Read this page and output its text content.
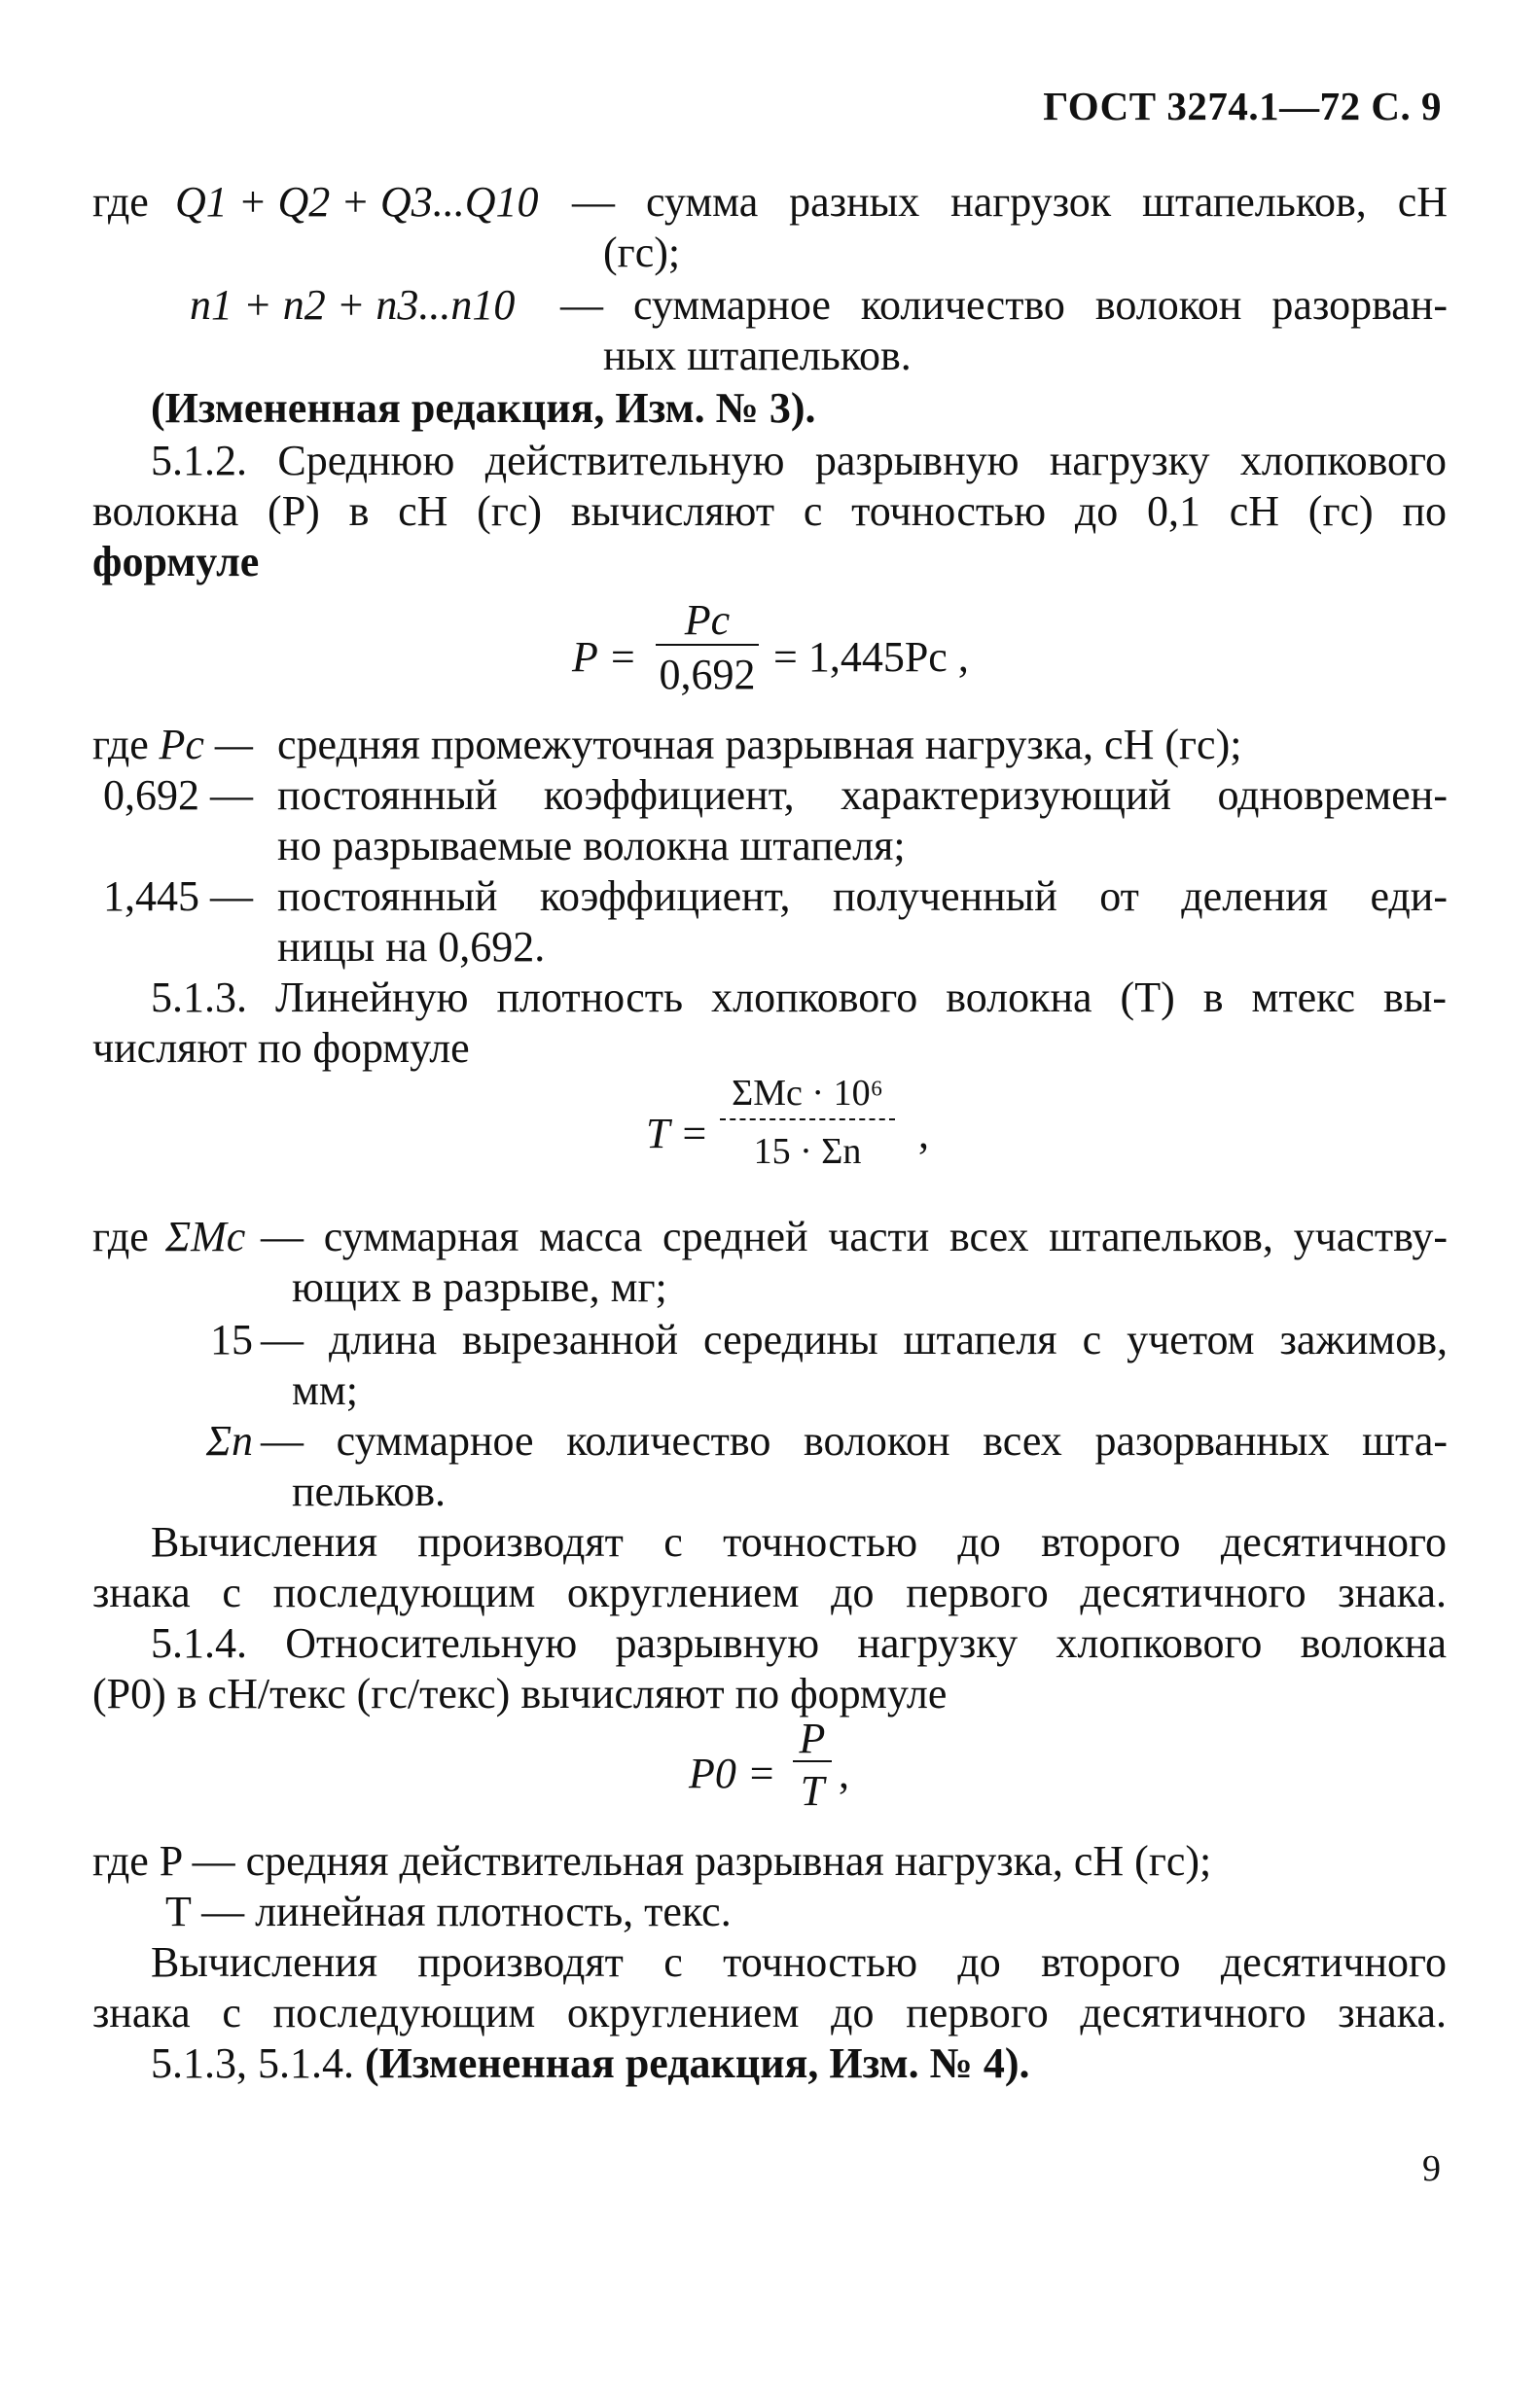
ГОСТ 3274.1—72 С. 9
где Q1 + Q2 + Q3...Q10 — сумма разных нагрузок штапельков, сН
(гс);
n1 + n2 + n3...n10 — суммарное количество волокон разорван-
ных штапельков.
(Измененная редакция, Изм. № 3).
5.1.2. Среднюю действительную разрывную нагрузку хлопкового
волокна (Р) в сН (гс) вычисляют с точностью до 0,1 сН (гс) по
формуле
P =
Pс
0,692 = 1,445Pс ,
где Pс — средняя промежуточная разрывная нагрузка, сН (гс);
0,692 — постоянный коэффициент, характеризующий одновремен-
но разрываемые волокна штапеля;
1,445 — постоянный коэффициент, полученный от деления еди-
ницы на 0,692.
5.1.3. Линейную плотность хлопкового волокна (Т) в мтекс вы-
числяют по формуле
T =
ΣMс · 10⁶
15 · Σn	,
где ΣMс — суммарная масса средней части всех штапельков, участву-
ющих в разрыве, мг;
15 — длина вырезанной середины штапеля с учетом зажимов,
мм;
Σn — суммарное количество волокон всех разорванных шта-
пельков.
Вычисления производят с точностью до второго десятичного
знака с последующим округлением до первого десятичного знака.
5.1.4. Относительную разрывную нагрузку хлопкового волокна
(P0) в сН/текс (гс/текс) вычисляют по формуле
P0 =
P
T ,
где P — средняя действительная разрывная нагрузка, сН (гс);
T — линейная плотность, текс.
Вычисления производят с точностью до второго десятичного
знака с последующим округлением до первого десятичного знака.
5.1.3, 5.1.4. (Измененная редакция, Изм. № 4).
9
